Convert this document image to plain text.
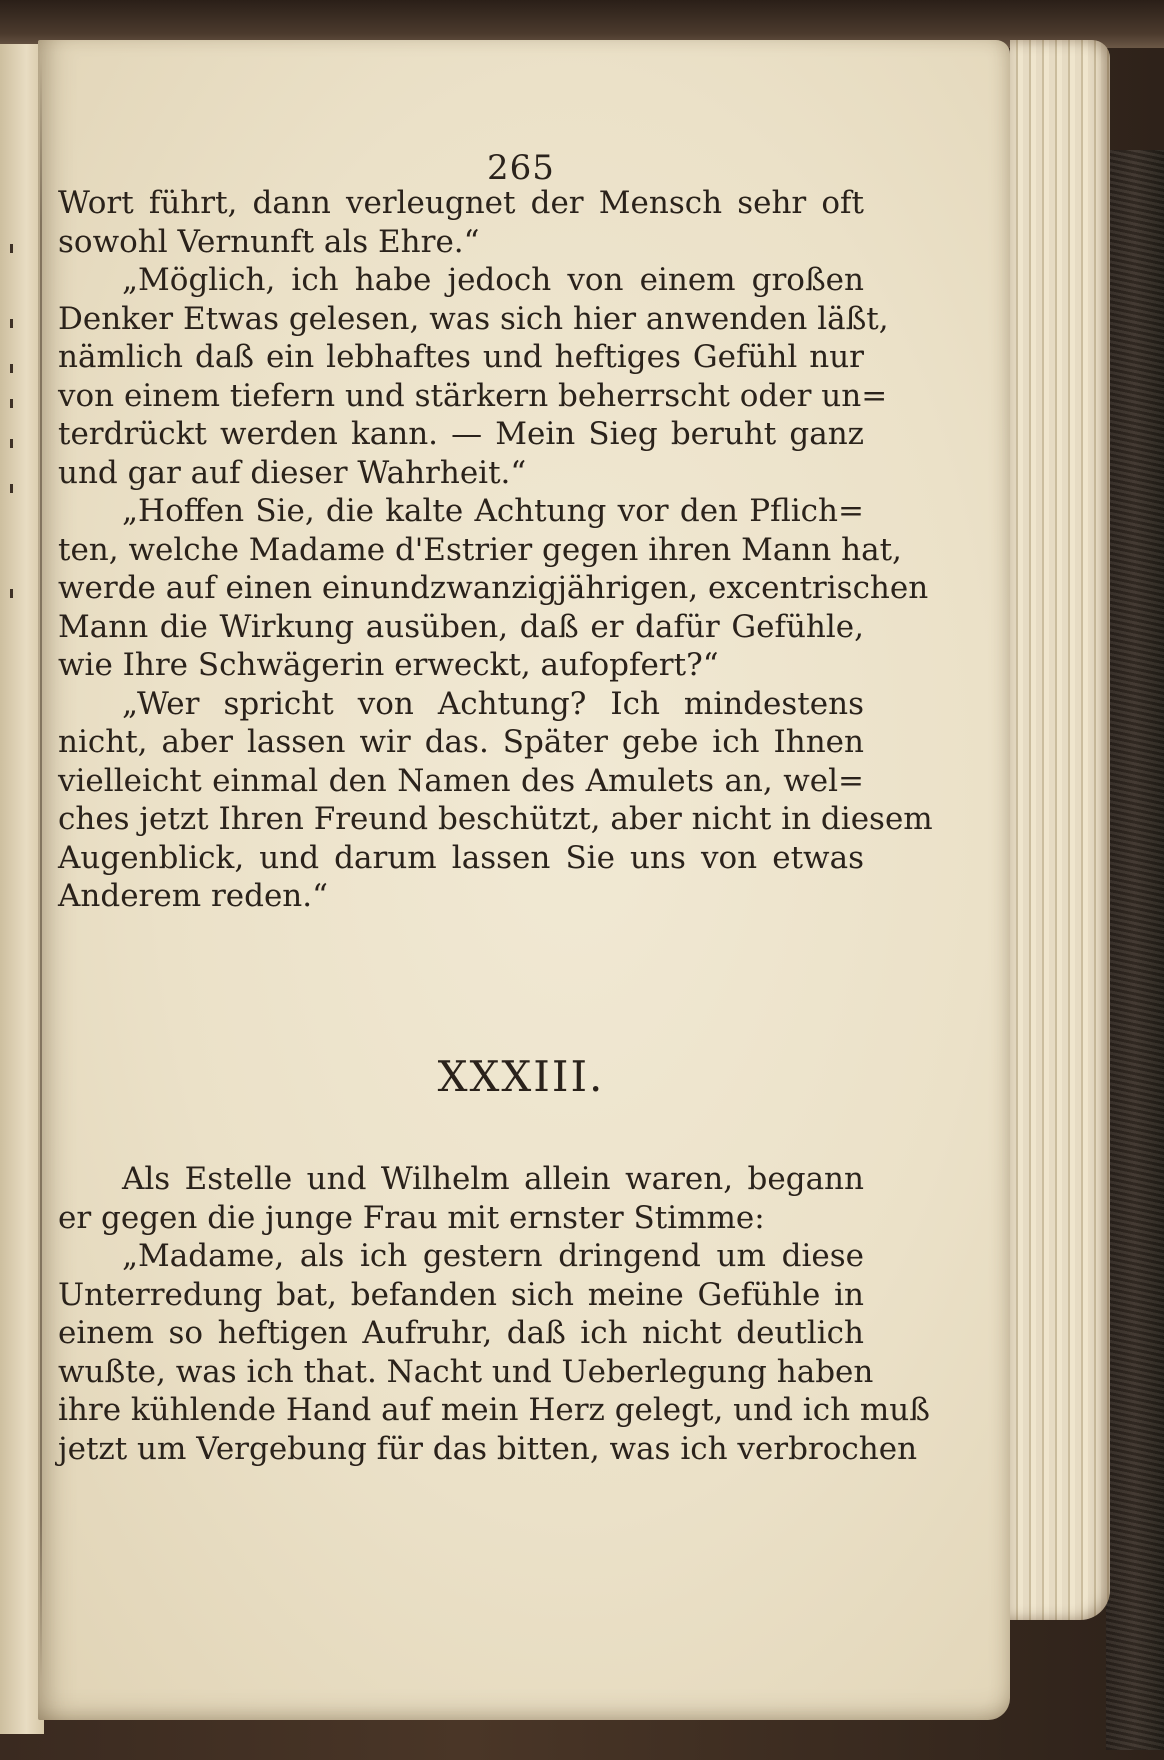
265
Wort führt, dann verleugnet der Mensch sehr oft
sowohl Vernunft als Ehre.“
„Möglich, ich habe jedoch von einem großen
Denker Etwas gelesen, was sich hier anwenden läßt,
nämlich daß ein lebhaftes und heftiges Gefühl nur
von einem tiefern und stärkern beherrscht oder un=
terdrückt werden kann. — Mein Sieg beruht ganz
und gar auf dieser Wahrheit.“
„Hoffen Sie, die kalte Achtung vor den Pflich=
ten, welche Madame d'Estrier gegen ihren Mann hat,
werde auf einen einundzwanzigjährigen, excentrischen
Mann die Wirkung ausüben, daß er dafür Gefühle,
wie Ihre Schwägerin erweckt, aufopfert?“
„Wer spricht von Achtung? Ich mindestens
nicht, aber lassen wir das. Später gebe ich Ihnen
vielleicht einmal den Namen des Amulets an, wel=
ches jetzt Ihren Freund beschützt, aber nicht in diesem
Augenblick, und darum lassen Sie uns von etwas
Anderem reden.“
XXXIII.
Als Estelle und Wilhelm allein waren, begann
er gegen die junge Frau mit ernster Stimme:
„Madame, als ich gestern dringend um diese
Unterredung bat, befanden sich meine Gefühle in
einem so heftigen Aufruhr, daß ich nicht deutlich
wußte, was ich that. Nacht und Ueberlegung haben
ihre kühlende Hand auf mein Herz gelegt, und ich muß
jetzt um Vergebung für das bitten, was ich verbrochen
